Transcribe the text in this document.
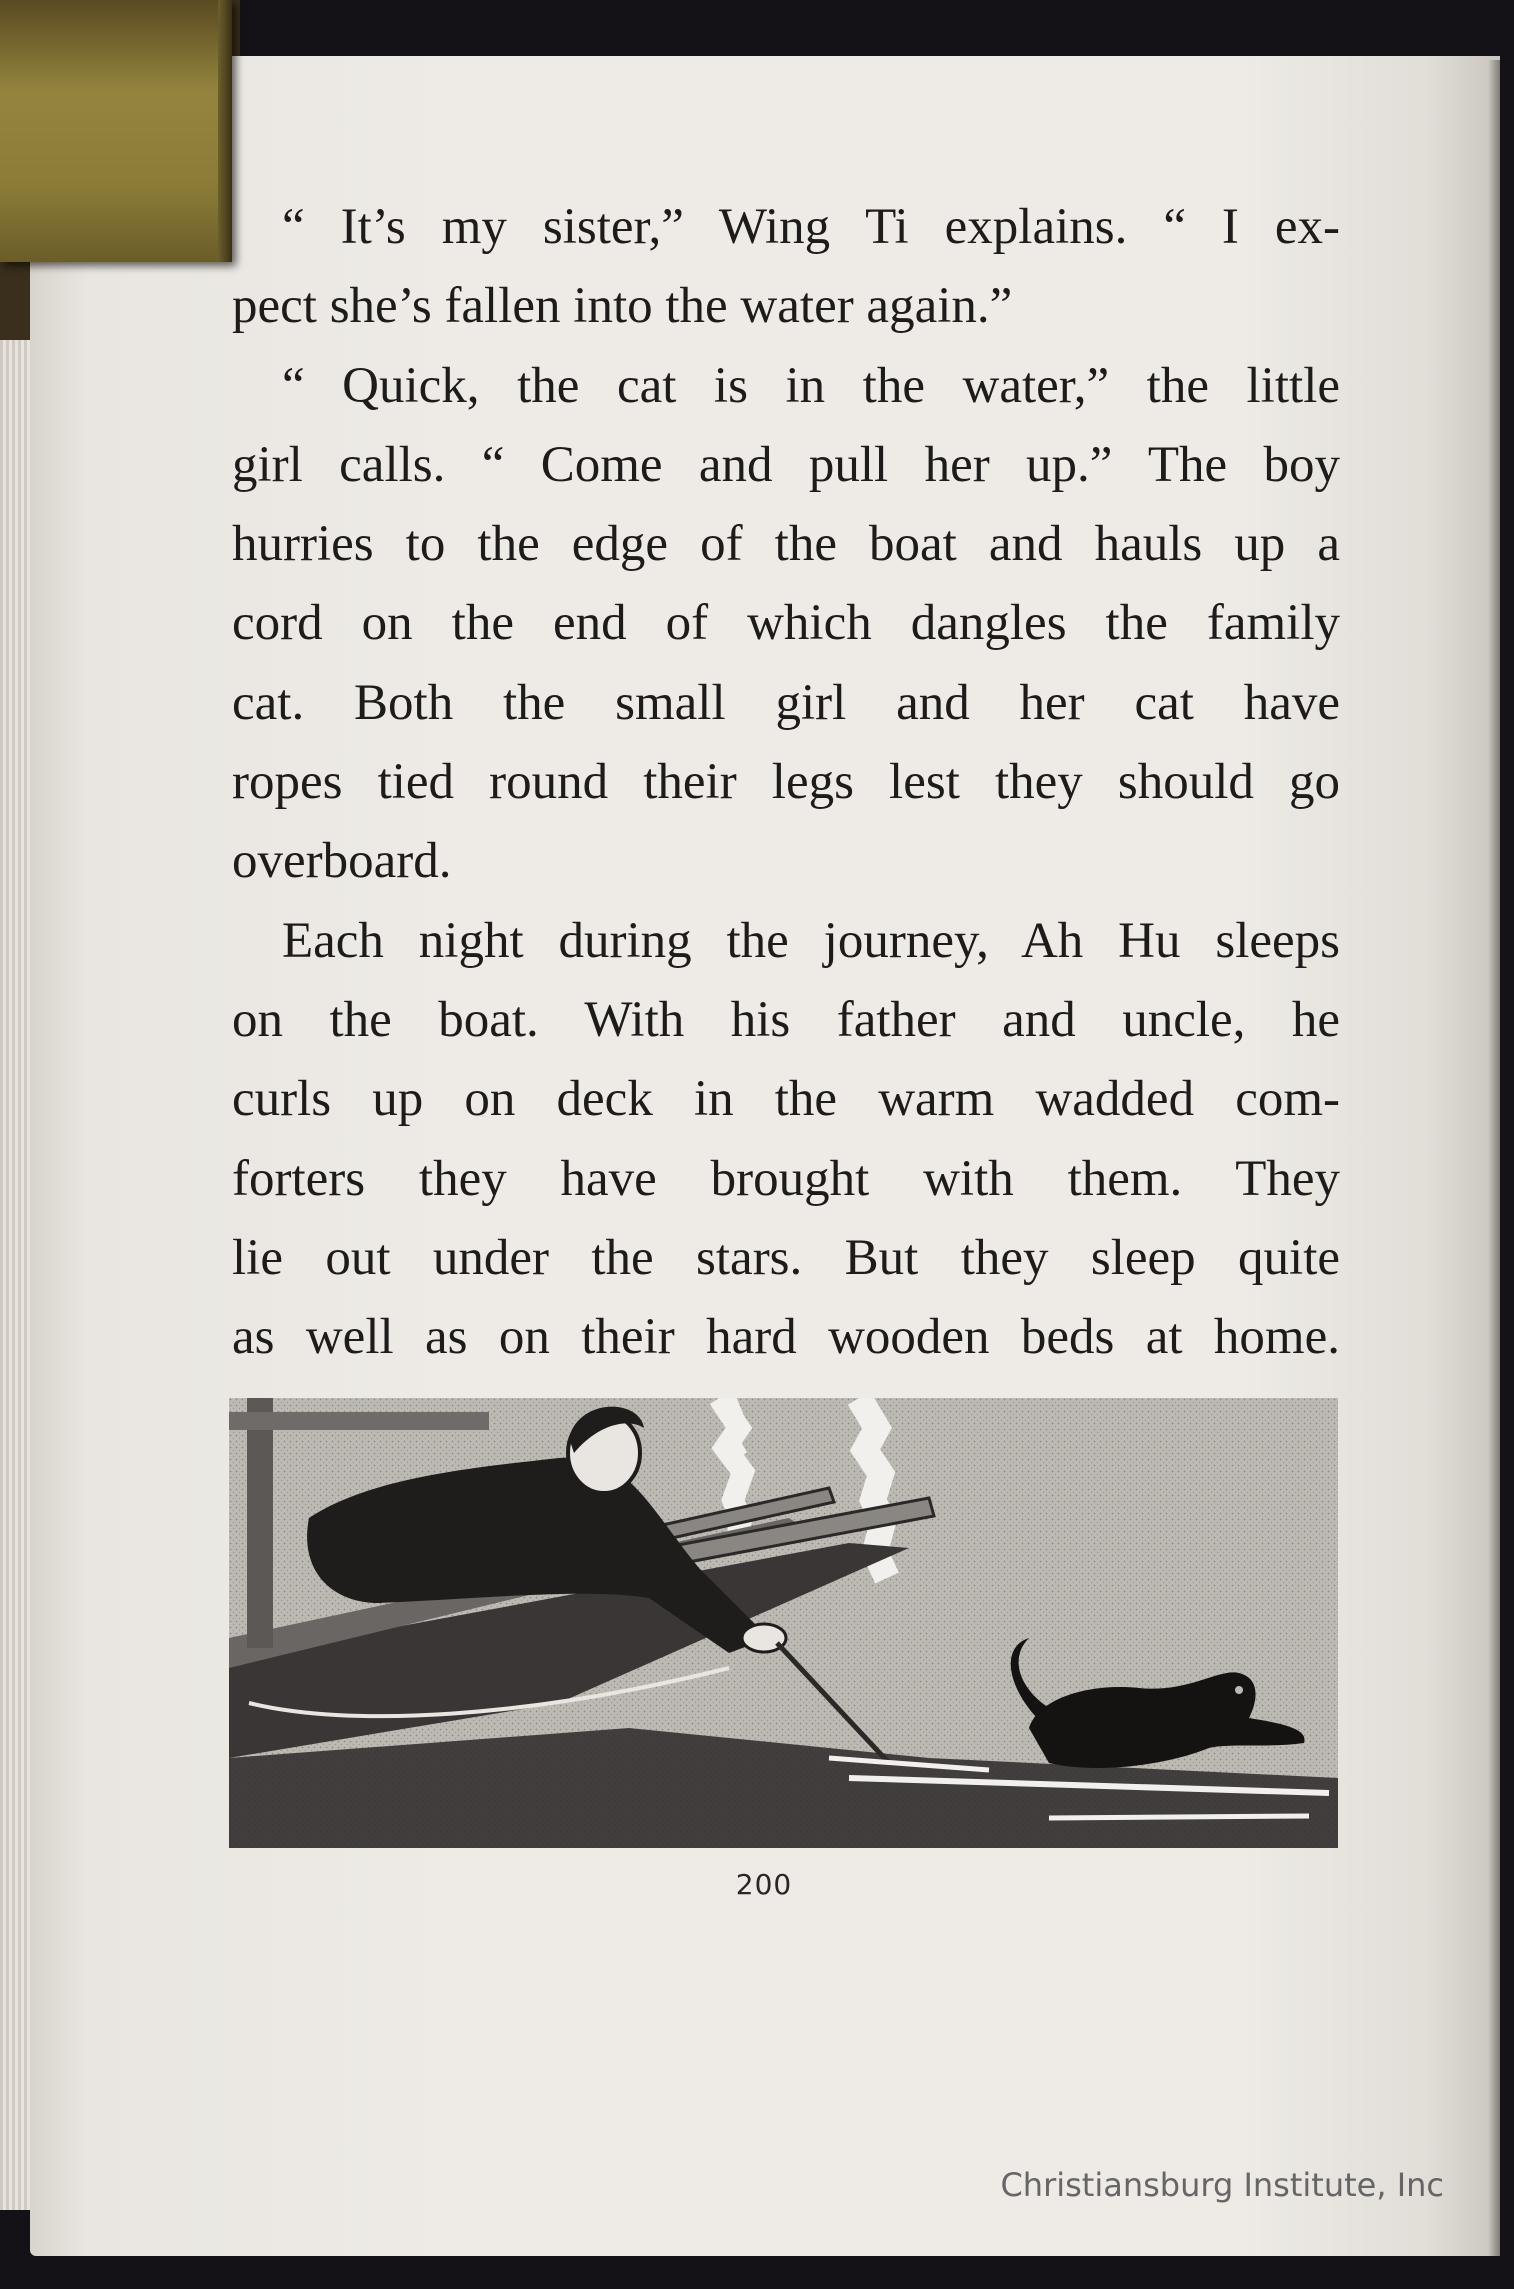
“ It’s my sister,” Wing Ti explains. “ I ex-
pect she’s fallen into the water again.”
“ Quick, the cat is in the water,” the little
girl calls. “ Come and pull her up.” The boy
hurries to the edge of the boat and hauls up a
cord on the end of which dangles the family
cat. Both the small girl and her cat have
ropes tied round their legs lest they should go
overboard.
Each night during the journey, Ah Hu sleeps
on the boat. With his father and uncle, he
curls up on deck in the warm wadded com-
forters they have brought with them. They
lie out under the stars. But they sleep quite
as well as on their hard wooden beds at home.
200
Christiansburg Institute, Inc
